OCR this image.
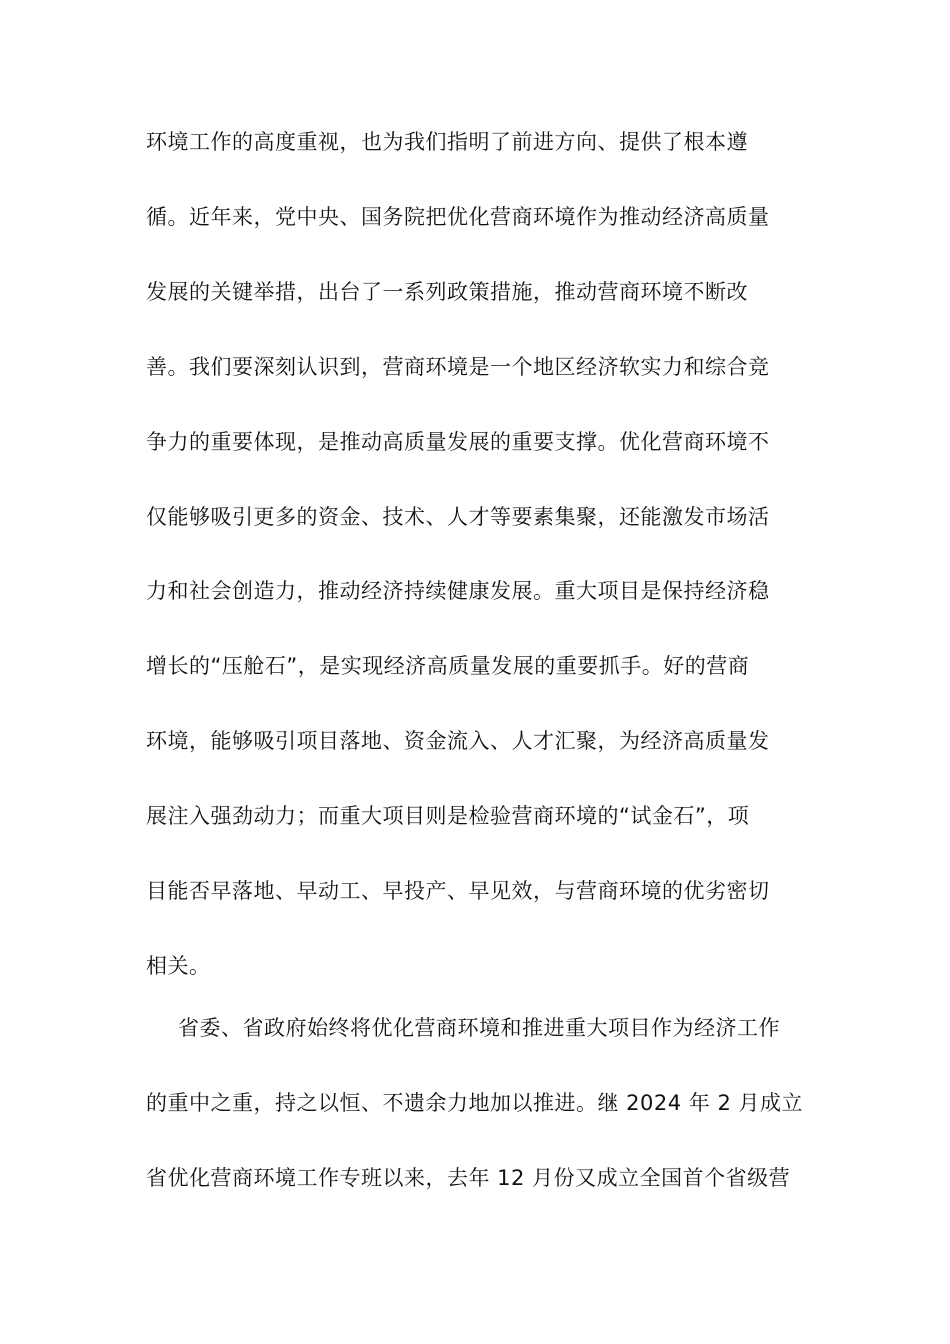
环境工作的高度重视，也为我们指明了前进方向、提供了根本遵
循。近年来，党中央、国务院把优化营商环境作为推动经济高质量
发展的关键举措，出台了一系列政策措施，推动营商环境不断改
善。我们要深刻认识到，营商环境是一个地区经济软实力和综合竞
争力的重要体现，是推动高质量发展的重要支撑。优化营商环境不
仅能够吸引更多的资金、技术、人才等要素集聚，还能激发市场活
力和社会创造力，推动经济持续健康发展。重大项目是保持经济稳
增长的“压舱石”，是实现经济高质量发展的重要抓手。好的营商
环境，能够吸引项目落地、资金流入、人才汇聚，为经济高质量发
展注入强劲动力；而重大项目则是检验营商环境的“试金石”，项
目能否早落地、早动工、早投产、早见效，与营商环境的优劣密切
相关。
省委、省政府始终将优化营商环境和推进重大项目作为经济工作
的重中之重，持之以恒、不遗余力地加以推进。继 2024 年 2 月成立
省优化营商环境工作专班以来，去年 12 月份又成立全国首个省级营
